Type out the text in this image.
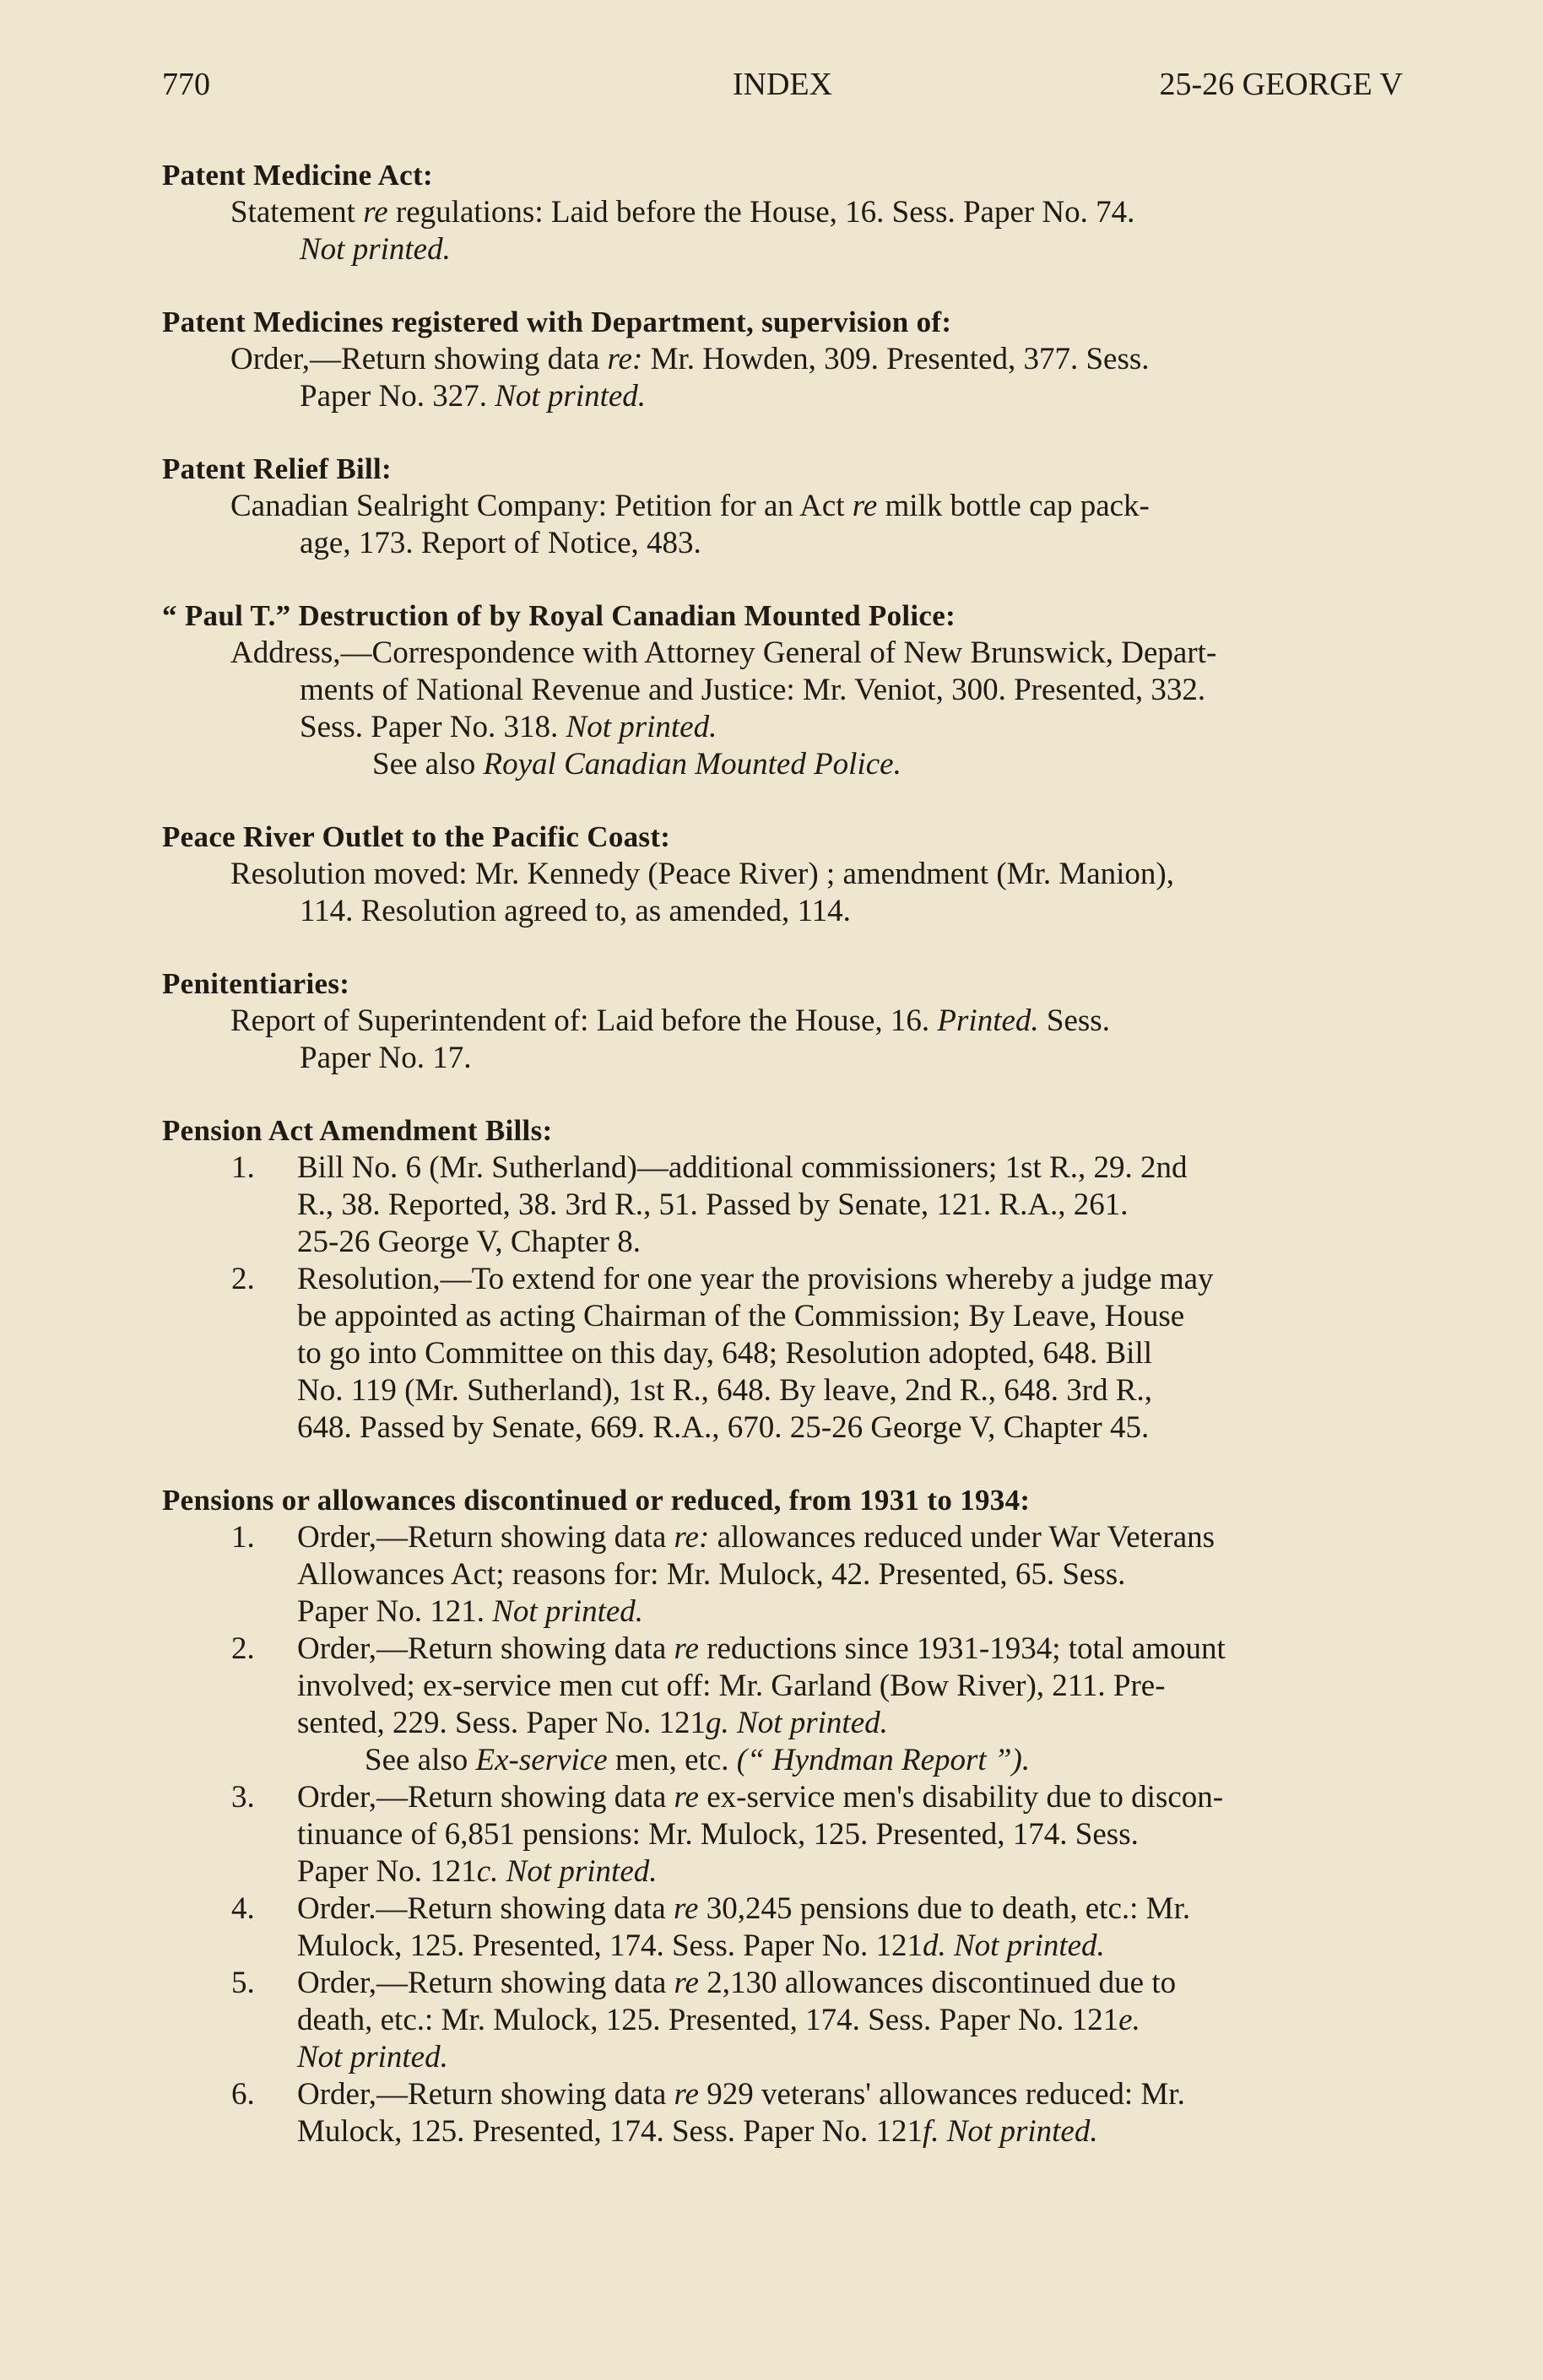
770	INDEX	25-26 GEORGE V
Patent Medicine Act:
Statement re regulations: Laid before the House, 16. Sess. Paper No. 74.
Not printed.
Patent Medicines registered with Department, supervision of:
Order,—Return showing data re: Mr. Howden, 309. Presented, 377. Sess.
Paper No. 327. Not printed.
Patent Relief Bill:
Canadian Sealright Company: Petition for an Act re milk bottle cap pack-
age, 173. Report of Notice, 483.
“ Paul T.” Destruction of by Royal Canadian Mounted Police:
Address,—Correspondence with Attorney General of New Brunswick, Depart-
ments of National Revenue and Justice: Mr. Veniot, 300. Presented, 332.
Sess. Paper No. 318. Not printed.
See also Royal Canadian Mounted Police.
Peace River Outlet to the Pacific Coast:
Resolution moved: Mr. Kennedy (Peace River) ; amendment (Mr. Manion),
114. Resolution agreed to, as amended, 114.
Penitentiaries:
Report of Superintendent of: Laid before the House, 16. Printed. Sess.
Paper No. 17.
Pension Act Amendment Bills:
1. Bill No. 6 (Mr. Sutherland)—additional commissioners; 1st R., 29. 2nd
R., 38. Reported, 38. 3rd R., 51. Passed by Senate, 121. R.A., 261.
25-26 George V, Chapter 8.
2. Resolution,—To extend for one year the provisions whereby a judge may
be appointed as acting Chairman of the Commission; By Leave, House
to go into Committee on this day, 648; Resolution adopted, 648. Bill
No. 119 (Mr. Sutherland), 1st R., 648. By leave, 2nd R., 648. 3rd R.,
648. Passed by Senate, 669. R.A., 670. 25-26 George V, Chapter 45.
Pensions or allowances discontinued or reduced, from 1931 to 1934:
1. Order,—Return showing data re: allowances reduced under War Veterans
Allowances Act; reasons for: Mr. Mulock, 42. Presented, 65. Sess.
Paper No. 121. Not printed.
2. Order,—Return showing data re reductions since 1931-1934; total amount
involved; ex-service men cut off: Mr. Garland (Bow River), 211. Pre-
sented, 229. Sess. Paper No. 121g. Not printed.
See also Ex-service men, etc. (“ Hyndman Report ”).
3. Order,—Return showing data re ex-service men's disability due to discon-
tinuance of 6,851 pensions: Mr. Mulock, 125. Presented, 174. Sess.
Paper No. 121c. Not printed.
4. Order.—Return showing data re 30,245 pensions due to death, etc.: Mr.
Mulock, 125. Presented, 174. Sess. Paper No. 121d. Not printed.
5. Order,—Return showing data re 2,130 allowances discontinued due to
death, etc.: Mr. Mulock, 125. Presented, 174. Sess. Paper No. 121e.
Not printed.
6. Order,—Return showing data re 929 veterans' allowances reduced: Mr.
Mulock, 125. Presented, 174. Sess. Paper No. 121f. Not printed.
